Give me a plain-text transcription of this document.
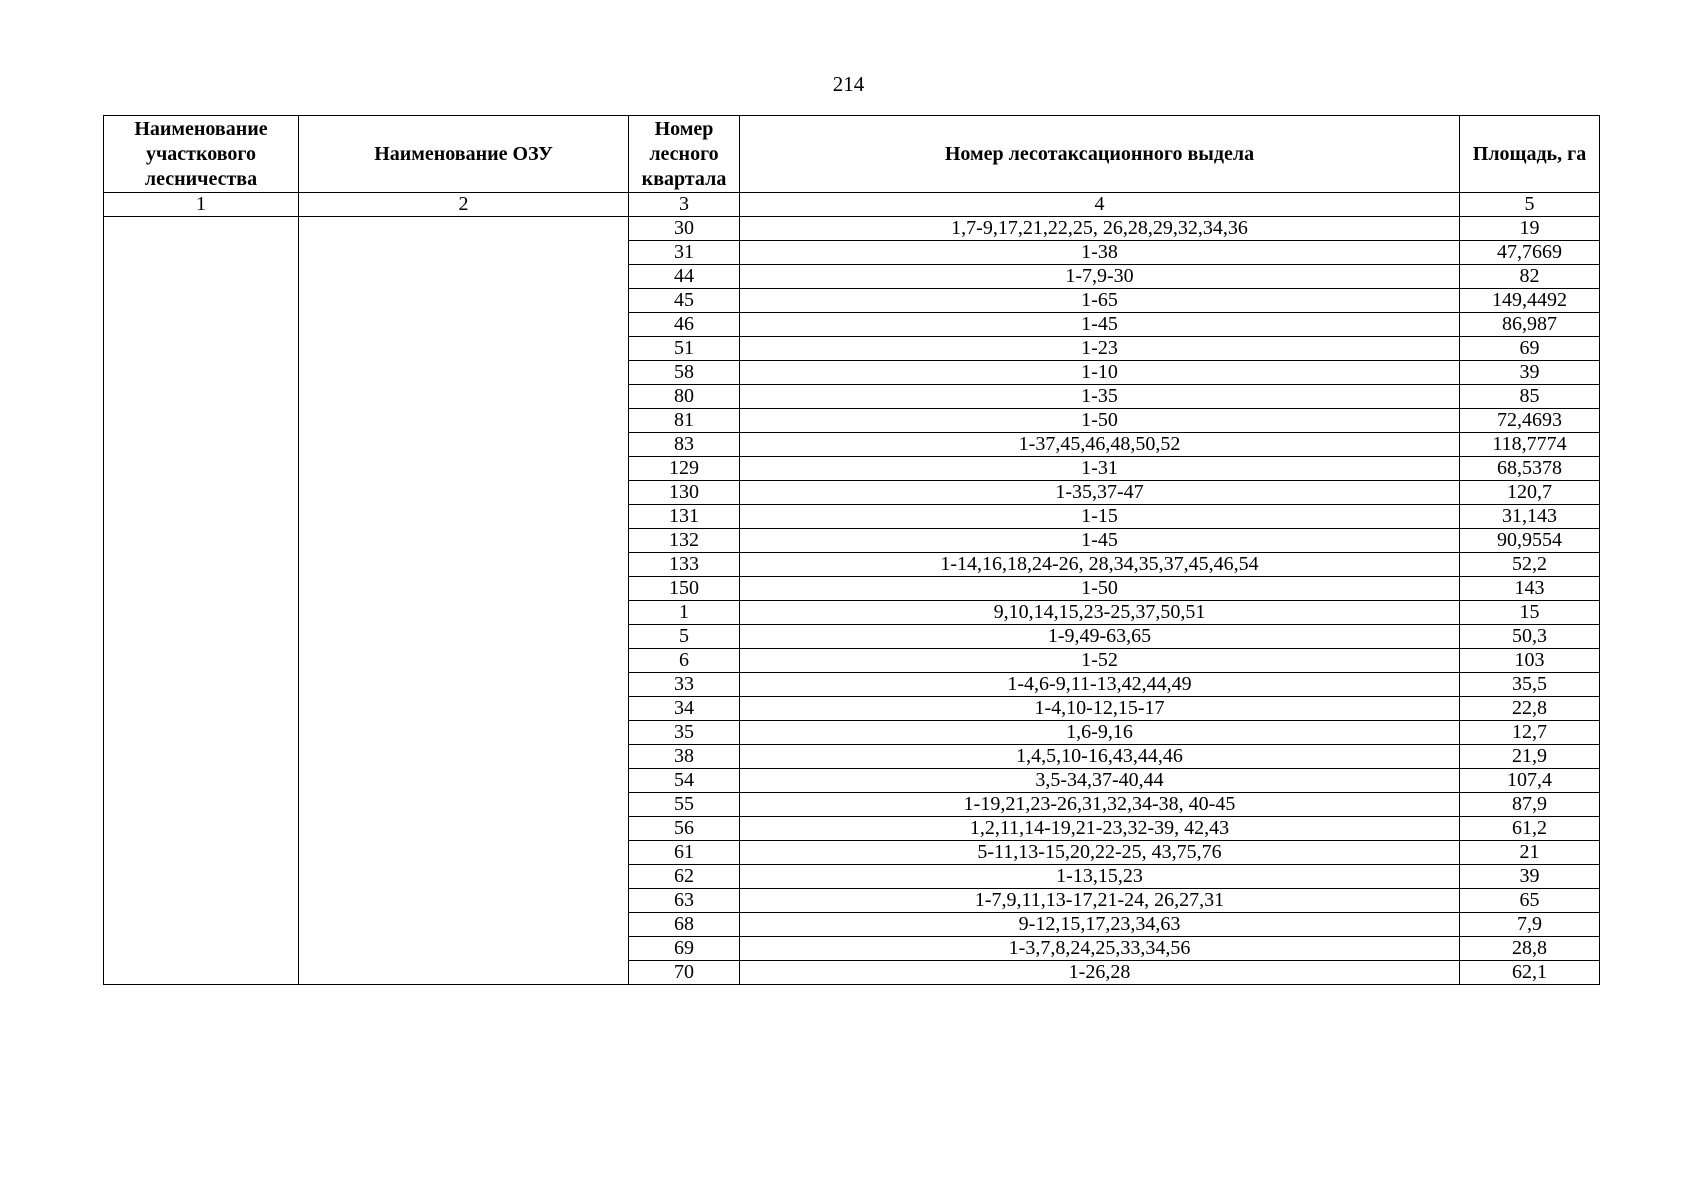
214
Наименование участкового лесничества	Наименование ОЗУ	Номер лесного квартала	Номер лесотаксационного выдела	Площадь, га
1	2	3	4	5
		30	1,7-9,17,21,22,25, 26,28,29,32,34,36	19
		31	1-38	47,7669
		44	1-7,9-30	82
		45	1-65	149,4492
		46	1-45	86,987
		51	1-23	69
		58	1-10	39
		80	1-35	85
		81	1-50	72,4693
		83	1-37,45,46,48,50,52	118,7774
		129	1-31	68,5378
		130	1-35,37-47	120,7
		131	1-15	31,143
		132	1-45	90,9554
		133	1-14,16,18,24-26, 28,34,35,37,45,46,54	52,2
		150	1-50	143
		1	9,10,14,15,23-25,37,50,51	15
		5	1-9,49-63,65	50,3
		6	1-52	103
		33	1-4,6-9,11-13,42,44,49	35,5
		34	1-4,10-12,15-17	22,8
		35	1,6-9,16	12,7
		38	1,4,5,10-16,43,44,46	21,9
		54	3,5-34,37-40,44	107,4
		55	1-19,21,23-26,31,32,34-38, 40-45	87,9
		56	1,2,11,14-19,21-23,32-39, 42,43	61,2
		61	5-11,13-15,20,22-25, 43,75,76	21
		62	1-13,15,23	39
		63	1-7,9,11,13-17,21-24, 26,27,31	65
		68	9-12,15,17,23,34,63	7,9
		69	1-3,7,8,24,25,33,34,56	28,8
		70	1-26,28	62,1
